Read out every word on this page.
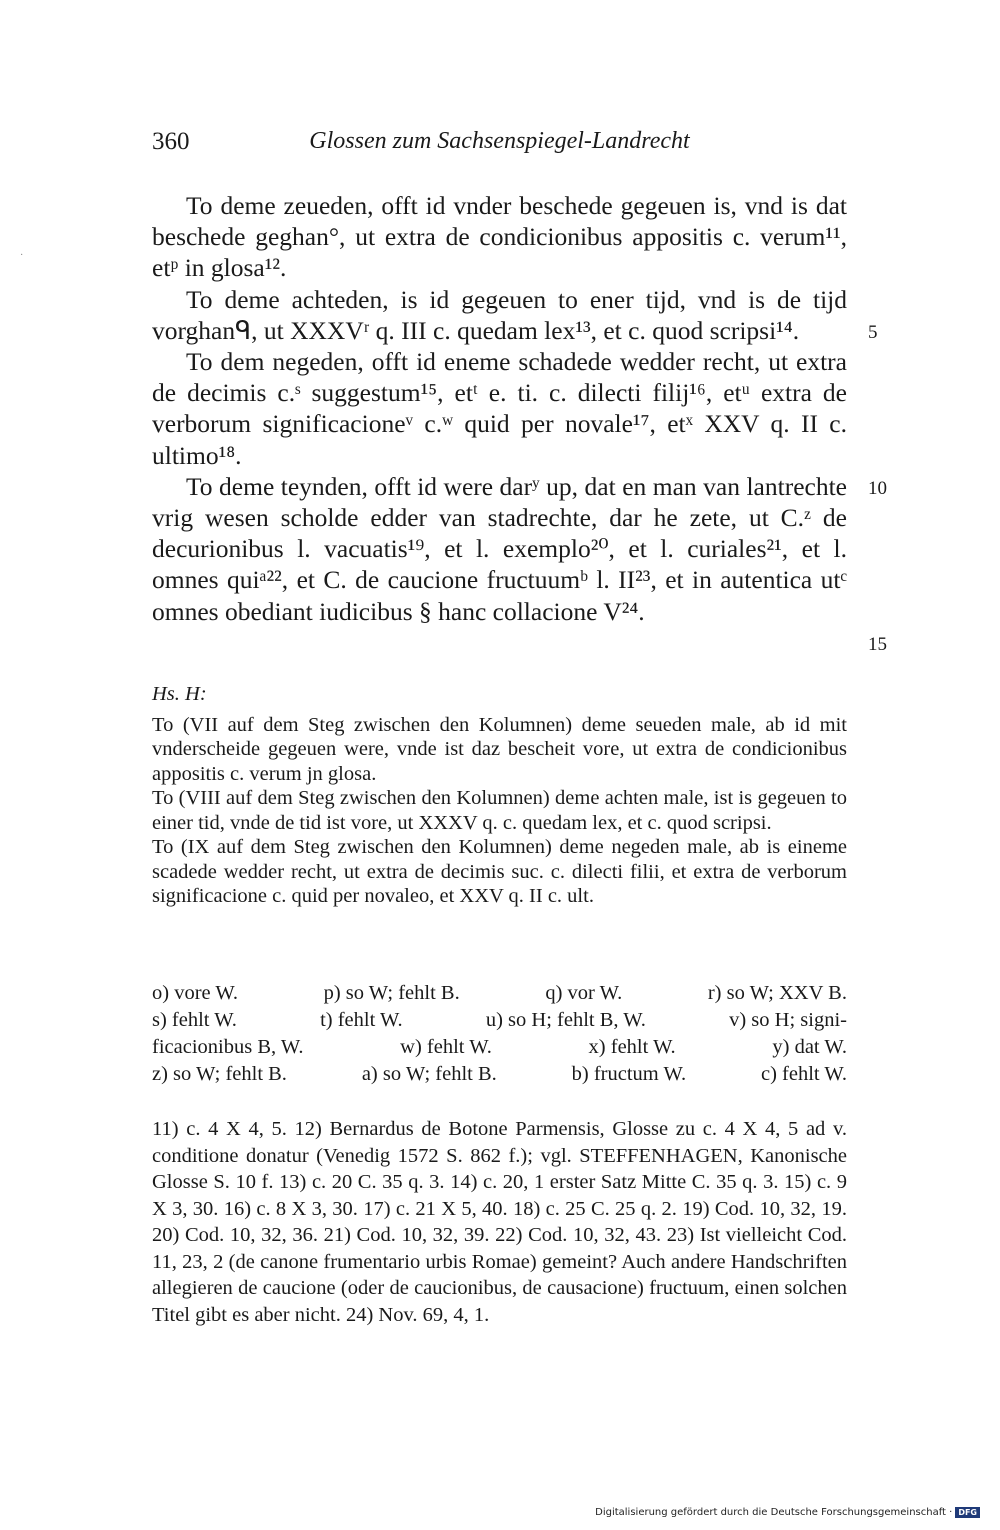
·
360	Glossen zum Sachsenspiegel-Landrecht

To deme zeueden, offt id vnder beschede gegeuen is, vnd is dat beschede geghan°, ut extra de condicionibus appositis c. verum¹¹, etᵖ in glosa¹².

To deme achteden, is id gegeuen to ener tijd, vnd is de tijd vorghanᑫ, ut XXXVʳ q. III c. quedam lex¹³, et c. quod scripsi¹⁴.

To dem negeden, offt id eneme schadede wedder recht, ut extra de decimis c.ˢ suggestum¹⁵, etᵗ e. ti. c. dilecti filij¹⁶, etᵘ extra de verborum significacioneᵛ c.ʷ quid per novale¹⁷, etˣ XXV q. II c. ultimo¹⁸.

To deme teynden, offt id were darʸ up, dat en man van lantrechte vrig wesen scholde edder van stadrechte, dar he zete, ut C.ᶻ de decurionibus l. vacuatis¹⁹, et l. exemplo²⁰, et l. curiales²¹, et l. omnes quiᵃ²², et C. de caucione fructuumᵇ l. II²³, et in autentica utᶜ omnes obediant iudicibus § hanc collacione V²⁴.

5
10
15
Hs. H:

To (VII auf dem Steg zwischen den Kolumnen) deme seueden male, ab id mit vnderscheide gegeuen were, vnde ist daz bescheit vore, ut extra de condicionibus appositis c. verum jn glosa.

To (VIII auf dem Steg zwischen den Kolumnen) deme achten male, ist is gegeuen to einer tid, vnde de tid ist vore, ut XXXV q. c. quedam lex, et c. quod scripsi.

To (IX auf dem Steg zwischen den Kolumnen) deme negeden male, ab is eineme scadede wedder recht, ut extra de decimis suc. c. dilecti filii, et extra de verborum significacione c. quid per novaleo, et XXV q. II c. ult.

o) vore W.	p) so W; fehlt B.	q) vor W.	r) so W; XXV B.
s) fehlt W.	t) fehlt W.	u) so H; fehlt B, W.	v) so H; signi-
ficacionibus B, W.	w) fehlt W.	x) fehlt W.	y) dat W.
z) so W; fehlt B.	a) so W; fehlt B.	b) fructum W.	c) fehlt W.

11) c. 4 X 4, 5. 12) Bernardus de Botone Parmensis, Glosse zu c. 4 X 4, 5 ad v. conditione donatur (Venedig 1572 S. 862 f.); vgl. STEFFENHAGEN, Kanonische Glosse S. 10 f. 13) c. 20 C. 35 q. 3. 14) c. 20, 1 erster Satz Mitte C. 35 q. 3. 15) c. 9 X 3, 30. 16) c. 8 X 3, 30. 17) c. 21 X 5, 40. 18) c. 25 C. 25 q. 2. 19) Cod. 10, 32, 19. 20) Cod. 10, 32, 36. 21) Cod. 10, 32, 39. 22) Cod. 10, 32, 43. 23) Ist vielleicht Cod. 11, 23, 2 (de canone frumentario urbis Romae) gemeint? Auch andere Handschriften allegieren de caucione (oder de caucionibus, de causacione) fructuum, einen solchen Titel gibt es aber nicht. 24) Nov. 69, 4, 1.

Digitalisierung gefördert durch die Deutsche Forschungsgemeinschaft · DFG
